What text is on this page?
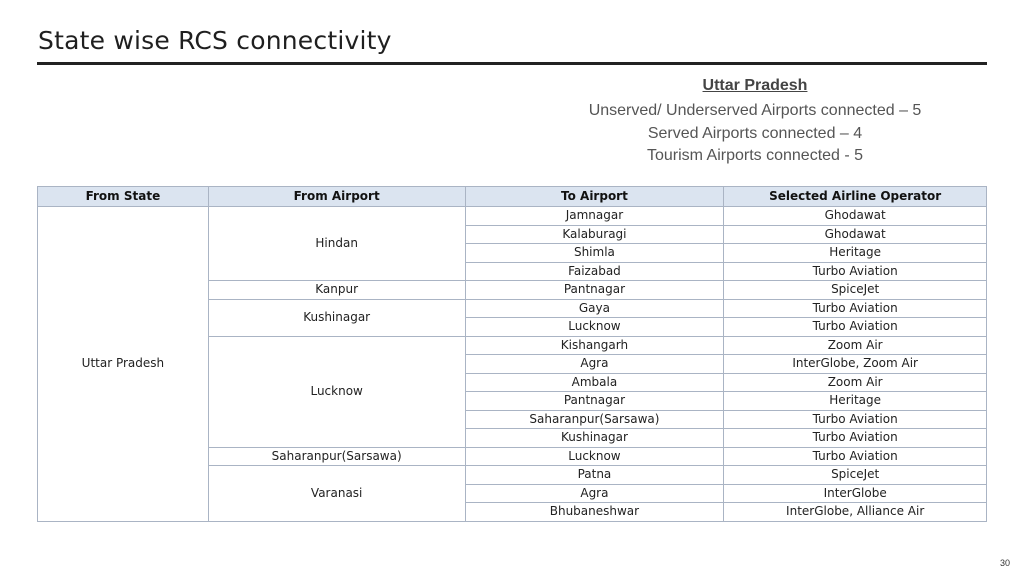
State wise RCS connectivity
Uttar Pradesh
Unserved/ Underserved Airports connected – 5
Served Airports connected – 4
Tourism Airports connected - 5
From State	From Airport	To Airport	Selected Airline Operator
Uttar Pradesh	Hindan	Jamnagar	Ghodawat
		Kalaburagi	Ghodawat
		Shimla	Heritage
		Faizabad	Turbo Aviation
	Kanpur	Pantnagar	SpiceJet
	Kushinagar	Gaya	Turbo Aviation
		Lucknow	Turbo Aviation
	Lucknow	Kishangarh	Zoom Air
		Agra	InterGlobe, Zoom Air
		Ambala	Zoom Air
		Pantnagar	Heritage
		Saharanpur(Sarsawa)	Turbo Aviation
		Kushinagar	Turbo Aviation
	Saharanpur(Sarsawa)	Lucknow	Turbo Aviation
	Varanasi	Patna	SpiceJet
		Agra	InterGlobe
		Bhubaneshwar	InterGlobe, Alliance Air
30
